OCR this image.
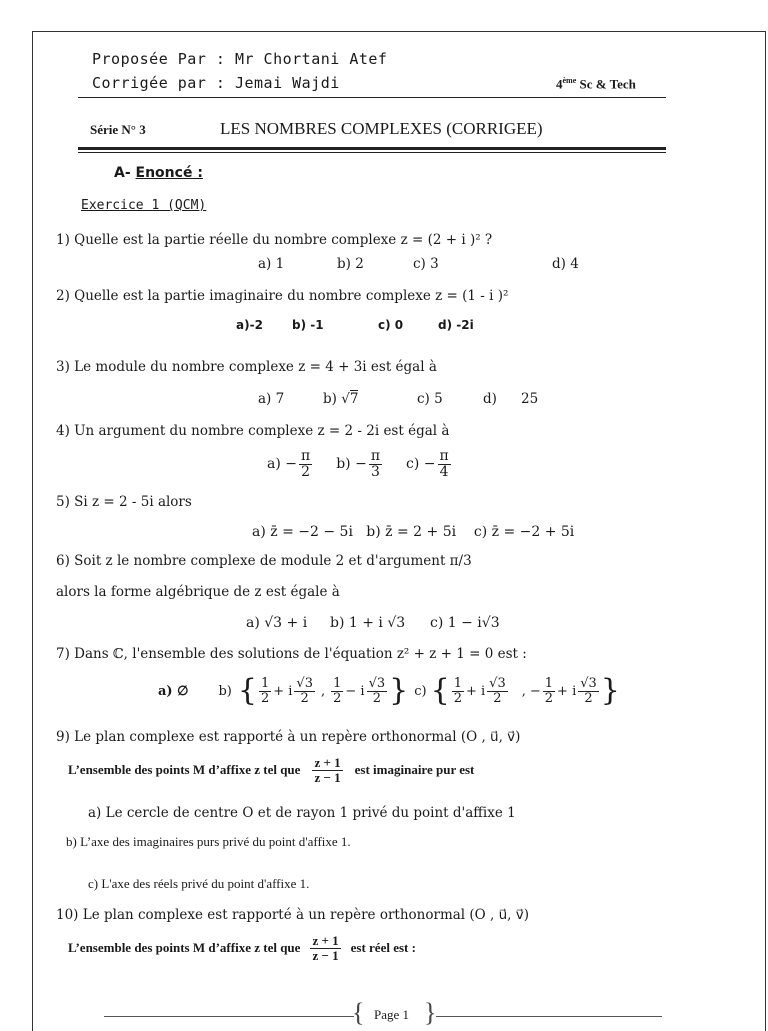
Proposée Par : Mr Chortani Atef
Corrigée par : Jemai Wajdi	4ème Sc & Tech
Série N° 3	LES NOMBRES COMPLEXES (CORRIGEE)
A- Enoncé :
Exercice 1 (QCM)
1) Quelle est la partie réelle du nombre complexe z = (2 + i )² ?
a) 1	b) 2	c) 3	d) 4
2) Quelle est la partie imaginaire du nombre complexe z = (1 - i )²
a)-2 b) -1	c) 0	d) -2i
3) Le module du nombre complexe z = 4 + 3i est égal à
a) 7	b) √7	c) 5	d) 25
4) Un argument du nombre complexe z = 2 - 2i est égal à
$a) - \frac{\pi}{2} b) - \frac{\pi}{3} c) - \frac{\pi}{4}$
5) Si z = 2 - 5i alors
a) z̄ = −2 − 5i   b) z̄ = 2 + 5i    c) z̄ = −2 + 5i
6) Soit z le nombre complexe de module 2 et d'argument π/3
alors la forme algébrique de z est égale à
a) √3 + i b) 1 + i √3 c) 1 − i√3
7) Dans ℂ, l'ensemble des solutions de l'équation z² + z + 1 = 0 est :
a) ∅ b) { $\frac{1}{2} + i \frac{√3}{2}$ , $\frac{1}{2} - i \frac{√3}{2}$ } c) { $\frac{1}{2} + i \frac{√3}{2}$ , − $\frac{1}{2} + i \frac{√3}{2}$ }
9) Le plan complexe est rapporté à un repère orthonormal (O , u⃗, v⃗)
L’ensemble des points M d’affixe z tel que $\frac{z + 1}{z - 1}$ est imaginaire pur est
a) Le cercle de centre O et de rayon 1 privé du point d'affixe 1
b) L’axe des imaginaires purs privé du point d'affixe 1.
c) L'axe des réels privé du point d'affixe 1.
10) Le plan complexe est rapporté à un repère orthonormal (O , u⃗, v⃗)
L’ensemble des points M d’affixe z tel que $\frac{z + 1}{z - 1}$ est réel est :
{ }
Page 1
